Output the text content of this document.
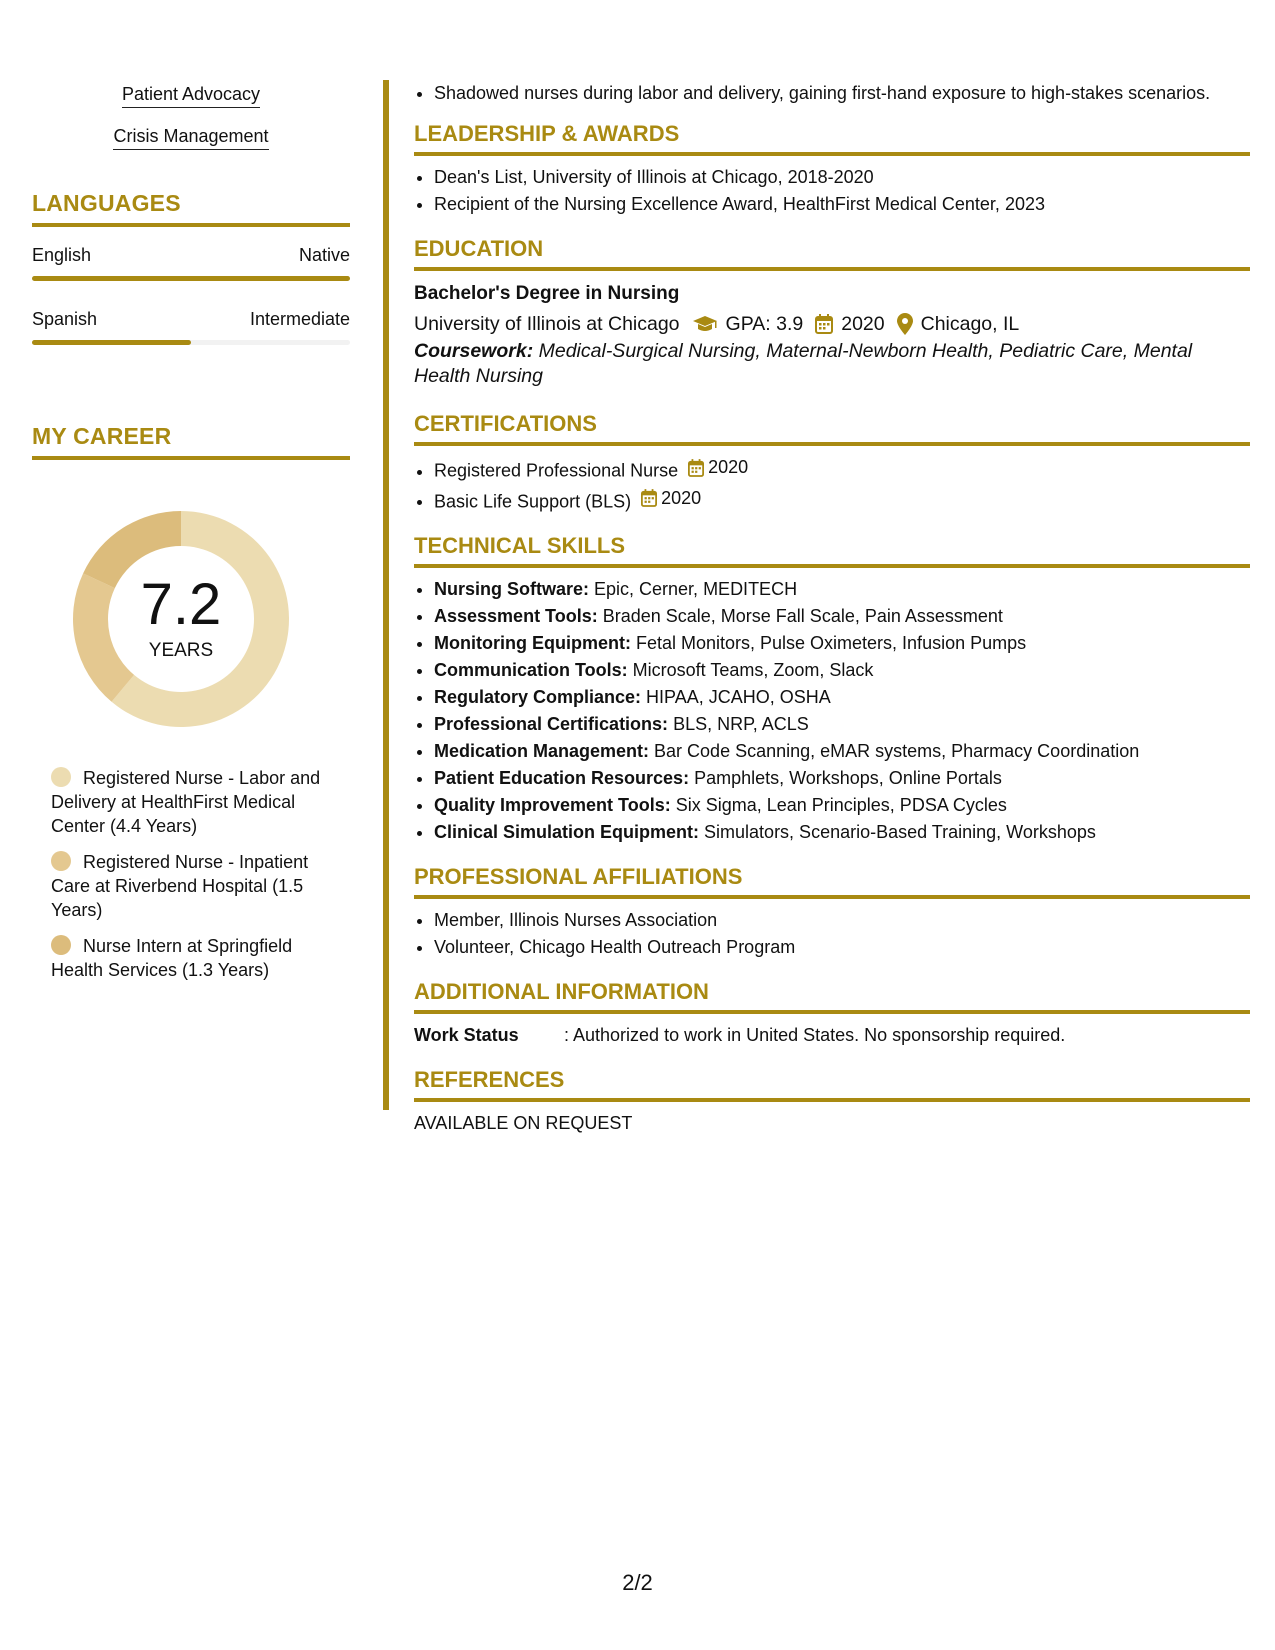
Patient Advocacy
Crisis Management
LANGUAGES
English	Native
Spanish	Intermediate
MY CAREER
7.2
YEARS
Registered Nurse - Labor and Delivery at HealthFirst Medical Center (4.4 Years)
Registered Nurse - Inpatient Care at Riverbend Hospital (1.5 Years)
Nurse Intern at Springfield Health Services (1.3 Years)
• Shadowed nurses during labor and delivery, gaining first-hand exposure to high-stakes scenarios.
LEADERSHIP & AWARDS
• Dean's List, University of Illinois at Chicago, 2018-2020
• Recipient of the Nursing Excellence Award, HealthFirst Medical Center, 2023
EDUCATION
Bachelor's Degree in Nursing
University of Illinois at Chicago GPA: 3.9 2020 Chicago, IL
Coursework: Medical-Surgical Nursing, Maternal-Newborn Health, Pediatric Care, Mental Health Nursing
CERTIFICATIONS
• Registered Professional Nurse 2020
• Basic Life Support (BLS) 2020
TECHNICAL SKILLS
• Nursing Software: Epic, Cerner, MEDITECH
• Assessment Tools: Braden Scale, Morse Fall Scale, Pain Assessment
• Monitoring Equipment: Fetal Monitors, Pulse Oximeters, Infusion Pumps
• Communication Tools: Microsoft Teams, Zoom, Slack
• Regulatory Compliance: HIPAA, JCAHO, OSHA
• Professional Certifications: BLS, NRP, ACLS
• Medication Management: Bar Code Scanning, eMAR systems, Pharmacy Coordination
• Patient Education Resources: Pamphlets, Workshops, Online Portals
• Quality Improvement Tools: Six Sigma, Lean Principles, PDSA Cycles
• Clinical Simulation Equipment: Simulators, Scenario-Based Training, Workshops
PROFESSIONAL AFFILIATIONS
• Member, Illinois Nurses Association
• Volunteer, Chicago Health Outreach Program
ADDITIONAL INFORMATION
Work Status	: Authorized to work in United States. No sponsorship required.
REFERENCES
AVAILABLE ON REQUEST
2/2
